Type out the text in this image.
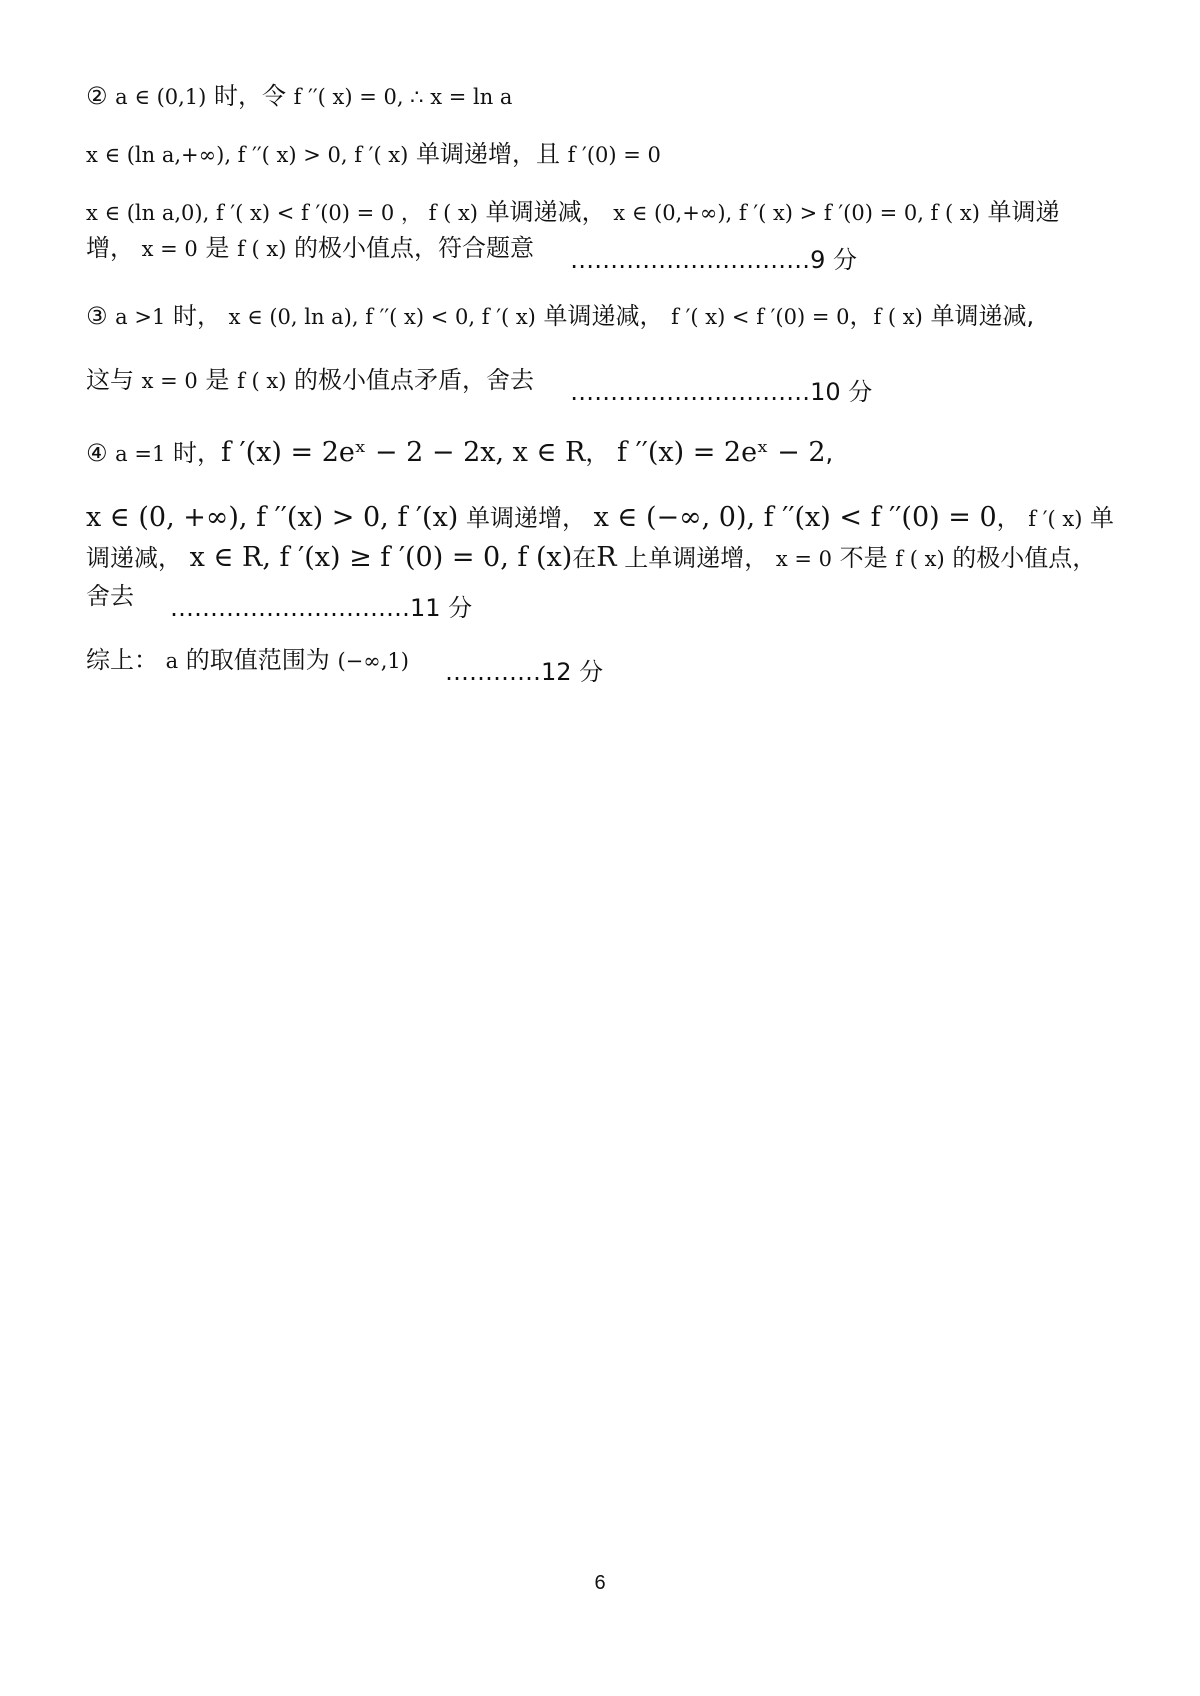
② a ∈ (0,1) 时，令 f ′′( x) = 0, ∴ x = ln a
x ∈ (ln a,+∞), f ′′( x) > 0, f ′( x) 单调递增，且 f ′(0) = 0
x ∈ (ln a,0), f ′( x) < f ′(0) = 0 ， f ( x) 单调递减， x ∈ (0,+∞), f ′( x) > f ′(0) = 0, f ( x) 单调递
增， x = 0 是 f ( x) 的极小值点，符合题意 …………………………9 分
③ a >1 时， x ∈ (0, ln a), f ′′( x) < 0, f ′( x) 单调递减， f ′( x) < f ′(0) = 0，f ( x) 单调递减,
这与 x = 0 是 f ( x) 的极小值点矛盾，舍去 …………………………10 分
④ a =1 时，f ′(x) = 2eˣ − 2 − 2x, x ∈ R， f ′′(x) = 2eˣ − 2,
x ∈ (0, +∞), f ′′(x) > 0, f ′(x) 单调递增， x ∈ (−∞, 0), f ′′(x) < f ′′(0) = 0， f ′( x) 单
调递减， x ∈ R, f ′(x) ≥ f ′(0) = 0, f (x)在R 上单调递增， x = 0 不是 f ( x) 的极小值点，
舍去 …………………………11 分
综上： a 的取值范围为 (−∞,1) …………12 分
6
